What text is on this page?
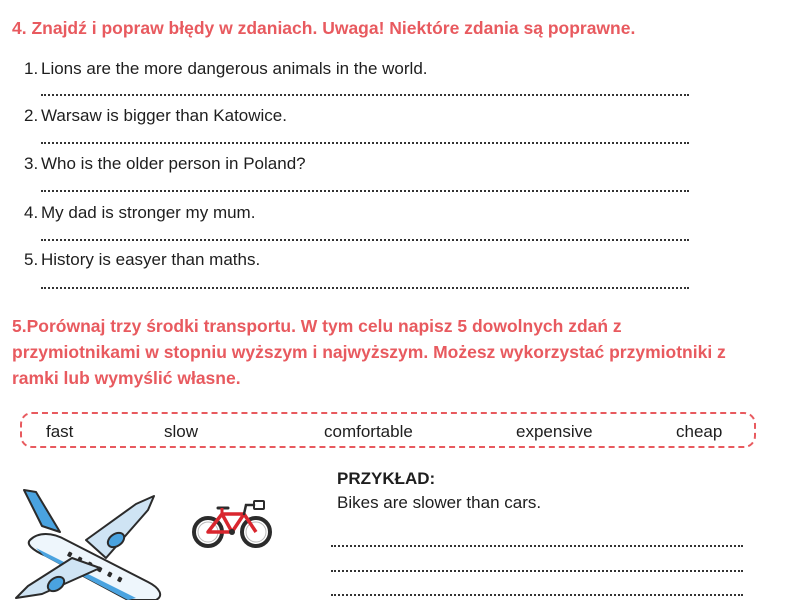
4. Znajdź i popraw błędy w zdaniach. Uwaga! Niektóre zdania są poprawne.
1. Lions are the more dangerous animals in the world.
2. Warsaw is bigger than Katowice.
3. Who is the older person in Poland?
4. My dad is stronger my mum.
5. History is easyer than maths.
5.Porównaj trzy środki transportu. W tym celu napisz 5 dowolnych zdań z przymiotnikami w stopniu wyższym i najwyższym. Możesz wykorzystać przymiotniki z ramki lub wymyślić własne.
fast	slow	comfortable	expensive	cheap
PRZYKŁAD:
Bikes are slower than cars.
